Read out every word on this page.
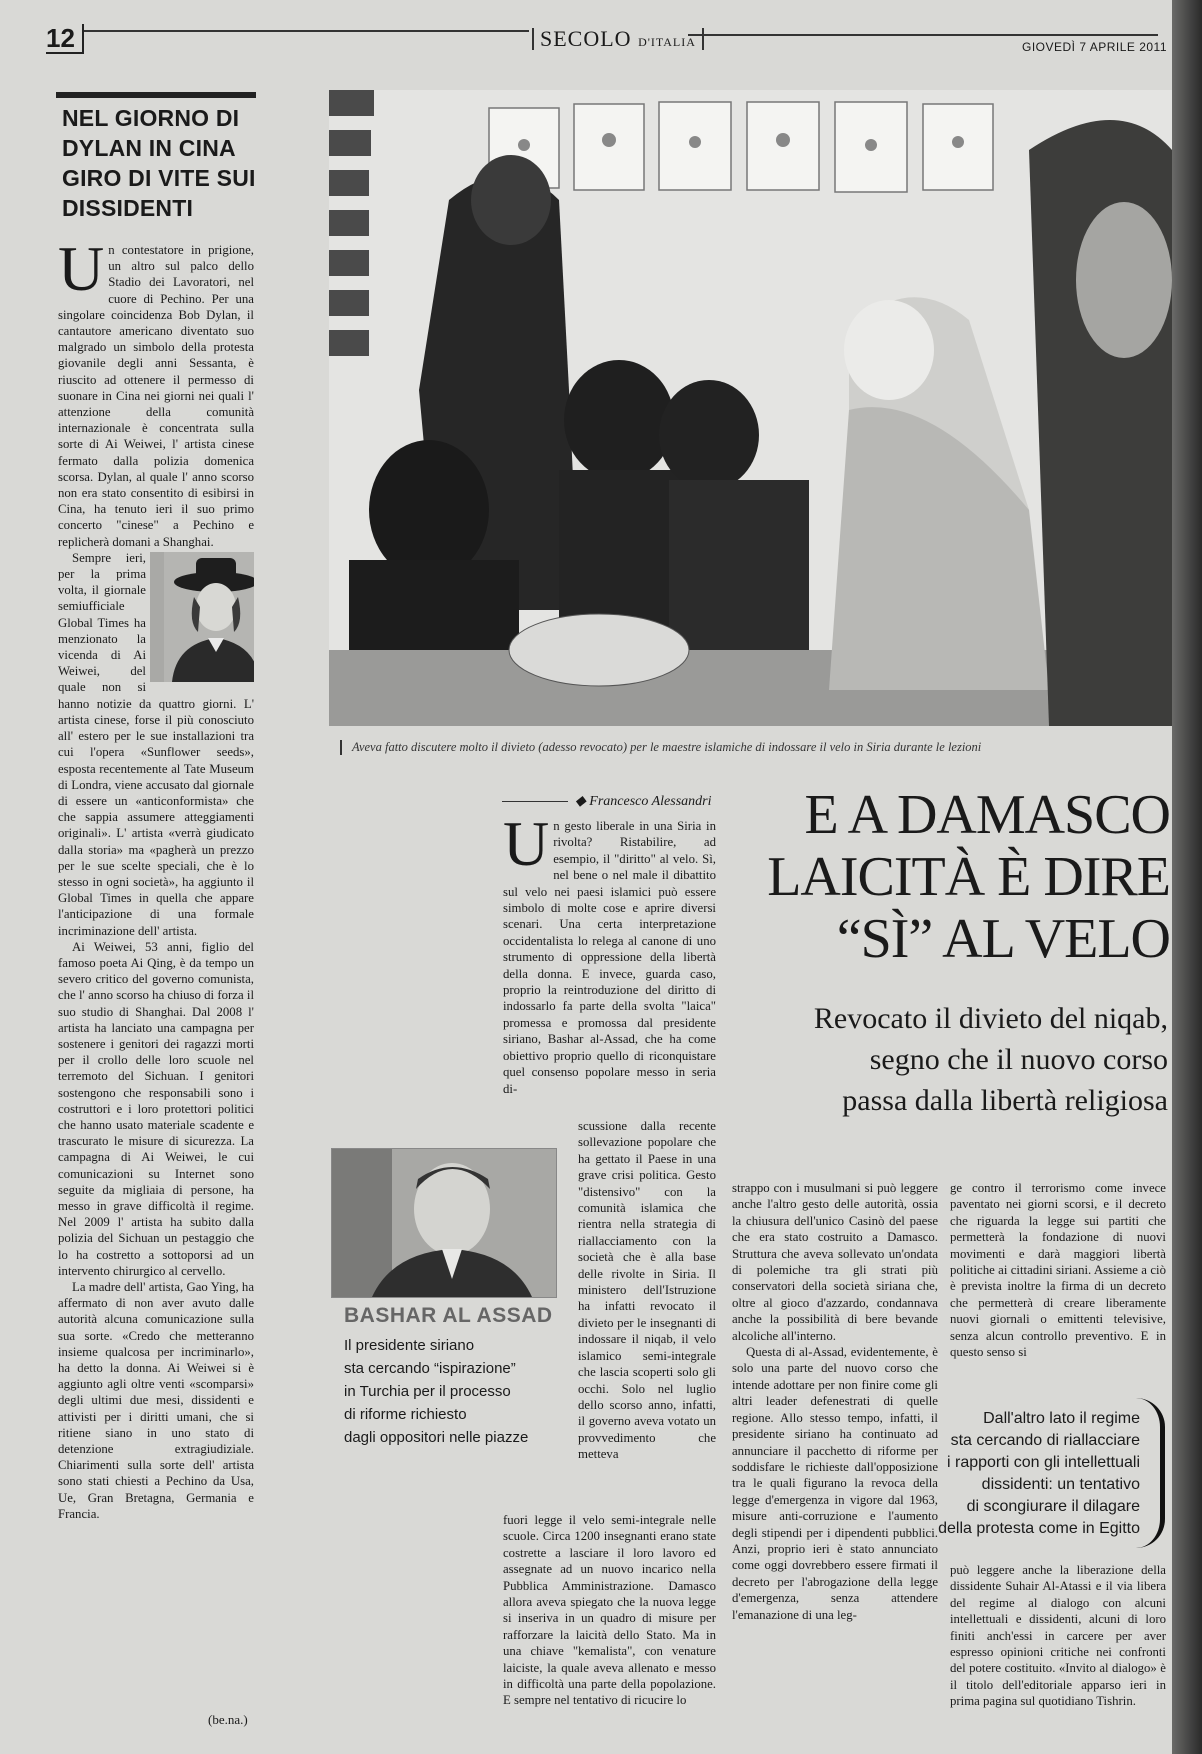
12	SECOLO D'ITALIA	GIOVEDÌ 7 APRILE 2011
NEL GIORNO DI DYLAN IN CINA GIRO DI VITE SUI DISSIDENTI

Un contestatore in prigione, un altro sul palco dello Stadio dei Lavoratori, nel cuore di Pechino. Per una singolare coincidenza Bob Dylan, il cantautore americano diventato suo malgrado un simbolo della protesta giovanile degli anni Sessanta, è riuscito ad ottenere il permesso di suonare in Cina nei giorni nei quali l' attenzione della comunità internazionale è concentrata sulla sorte di Ai Weiwei, l' artista cinese fermato dalla polizia domenica scorsa. Dylan, al quale l' anno scorso non era stato consentito di esibirsi in Cina, ha tenuto ieri il suo primo concerto "cinese" a Pechino e replicherà domani a Shanghai.

Sempre ieri, per la prima volta, il giornale semiufficiale Global Times ha menzionato la vicenda di Ai Weiwei, del quale non si hanno notizie da quattro giorni. L' artista cinese, forse il più conosciuto all' estero per le sue installazioni tra cui l'opera «Sunflower seeds», esposta recentemente al Tate Museum di Londra, viene accusato dal giornale di essere un «anticonformista» che che sappia assumere atteggiamenti originali». L' artista «verrà giudicato dalla storia» ma «pagherà un prezzo per le sue scelte speciali, che è lo stesso in ogni società», ha aggiunto il Global Times in quella che appare l'anticipazione di una formale incriminazione dell' artista.

Ai Weiwei, 53 anni, figlio del famoso poeta Ai Qing, è da tempo un severo critico del governo comunista, che l' anno scorso ha chiuso di forza il suo studio di Shanghai. Dal 2008 l' artista ha lanciato una campagna per sostenere i genitori dei ragazzi morti per il crollo delle loro scuole nel terremoto del Sichuan. I genitori sostengono che responsabili sono i costruttori e i loro protettori politici che hanno usato materiale scadente e trascurato le misure di sicurezza. La campagna di Ai Weiwei, le cui comunicazioni su Internet sono seguite da migliaia di persone, ha messo in grave difficoltà il regime. Nel 2009 l' artista ha subito dalla polizia del Sichuan un pestaggio che lo ha costretto a sottoporsi ad un intervento chirurgico al cervello.

La madre dell' artista, Gao Ying, ha affermato di non aver avuto dalle autorità alcuna comunicazione sulla sua sorte. «Credo che metteranno insieme qualcosa per incriminarlo», ha detto la donna. Ai Weiwei si è aggiunto agli oltre venti «scomparsi» degli ultimi due mesi, dissidenti e attivisti per i diritti umani, che si ritiene siano in uno stato di detenzione extragiudiziale. Chiarimenti sulla sorte dell' artista sono stati chiesti a Pechino da Usa, Ue, Gran Bretagna, Germania e Francia.

(be.na.)
Aveva fatto discutere molto il divieto (adesso revocato) per le maestre islamiche di indossare il velo in Siria durante le lezioni
◆ Francesco Alessandri	E A DAMASCO
LAICITÀ È DIRE
“SÌ” AL VELO
Revocato il divieto del niqab,
segno che il nuovo corso
passa dalla libertà religiosa
Un gesto liberale in una Siria in rivolta? Ristabilire, ad esempio, il "diritto" al velo. Sì, nel bene o nel male il dibattito sul velo nei paesi islamici può essere simbolo di molte cose e aprire diversi scenari. Una certa interpretazione occidentalista lo relega al canone di uno strumento di oppressione della libertà della donna. E invece, guarda caso, proprio la reintroduzione del diritto di indossarlo fa parte della svolta "laica" promessa e promossa dal presidente siriano, Bashar al-Assad, che ha come obiettivo proprio quello di riconquistare quel consenso popolare messo in seria di-
scussione dalla recente sollevazione popolare che ha gettato il Paese in una grave crisi politica. Gesto "distensivo" con la comunità islamica che rientra nella strategia di riallacciamento con la società che è alla base delle rivolte in Siria. Il ministero dell'Istruzione ha infatti revocato il divieto per le insegnanti di indossare il niqab, il velo islamico semi-integrale che lascia scoperti solo gli occhi. Solo nel luglio dello scorso anno, infatti, il governo aveva votato un provvedimento che metteva
fuori legge il velo semi-integrale nelle scuole. Circa 1200 insegnanti erano state costrette a lasciare il loro lavoro ed assegnate ad un nuovo incarico nella Pubblica Amministrazione. Damasco allora aveva spiegato che la nuova legge si inseriva in un quadro di misure per rafforzare la laicità dello Stato. Ma in una chiave "kemalista", con venature laiciste, la quale aveva allenato e messo in difficoltà una parte della popolazione. E sempre nel tentativo di ricucire lo
BASHAR AL ASSAD
Il presidente siriano
sta cercando “ispirazione”
in Turchia per il processo
di riforme richiesto
dagli oppositori nelle piazze

strappo con i musulmani si può leggere anche l'altro gesto delle autorità, ossia la chiusura dell'unico Casinò del paese che era stato costruito a Damasco. Struttura che aveva sollevato un'ondata di polemiche tra gli strati più conservatori della società siriana che, oltre al gioco d'azzardo, condannava anche la possibilità di bere bevande alcoliche all'interno.

Questa di al-Assad, evidentemente, è solo una parte del nuovo corso che intende adottare per non finire come gli altri leader defenestrati di quelle regione. Allo stesso tempo, infatti, il presidente siriano ha continuato ad annunciare il pacchetto di riforme per soddisfare le richieste dall'opposizione tra le quali figurano la revoca della legge d'emergenza in vigore dal 1963, misure anti-corruzione e l'aumento degli stipendi per i dipendenti pubblici. Anzi, proprio ieri è stato annunciato come oggi dovrebbero essere firmati il decreto per l'abrogazione della legge d'emergenza, senza attendere l'emanazione di una leg-

ge contro il terrorismo come invece paventato nei giorni scorsi, e il decreto che riguarda la legge sui partiti che permetterà la fondazione di nuovi movimenti e darà maggiori libertà politiche ai cittadini siriani. Assieme a ciò è prevista inoltre la firma di un decreto che permetterà di creare liberamente nuovi giornali o emittenti televisive, senza alcun controllo preventivo. E in questo senso si
Dall'altro lato il regime
sta cercando di riallacciare
i rapporti con gli intellettuali
dissidenti: un tentativo
di scongiurare il dilagare
della protesta come in Egitto
può leggere anche la liberazione della dissidente Suhair Al-Atassi e il via libera del regime al dialogo con alcuni intellettuali e dissidenti, alcuni di loro finiti anch'essi in carcere per aver espresso opinioni critiche nei confronti del potere costituito. «Invito al dialogo» è il titolo dell'editoriale apparso ieri in prima pagina sul quotidiano Tishrin.
